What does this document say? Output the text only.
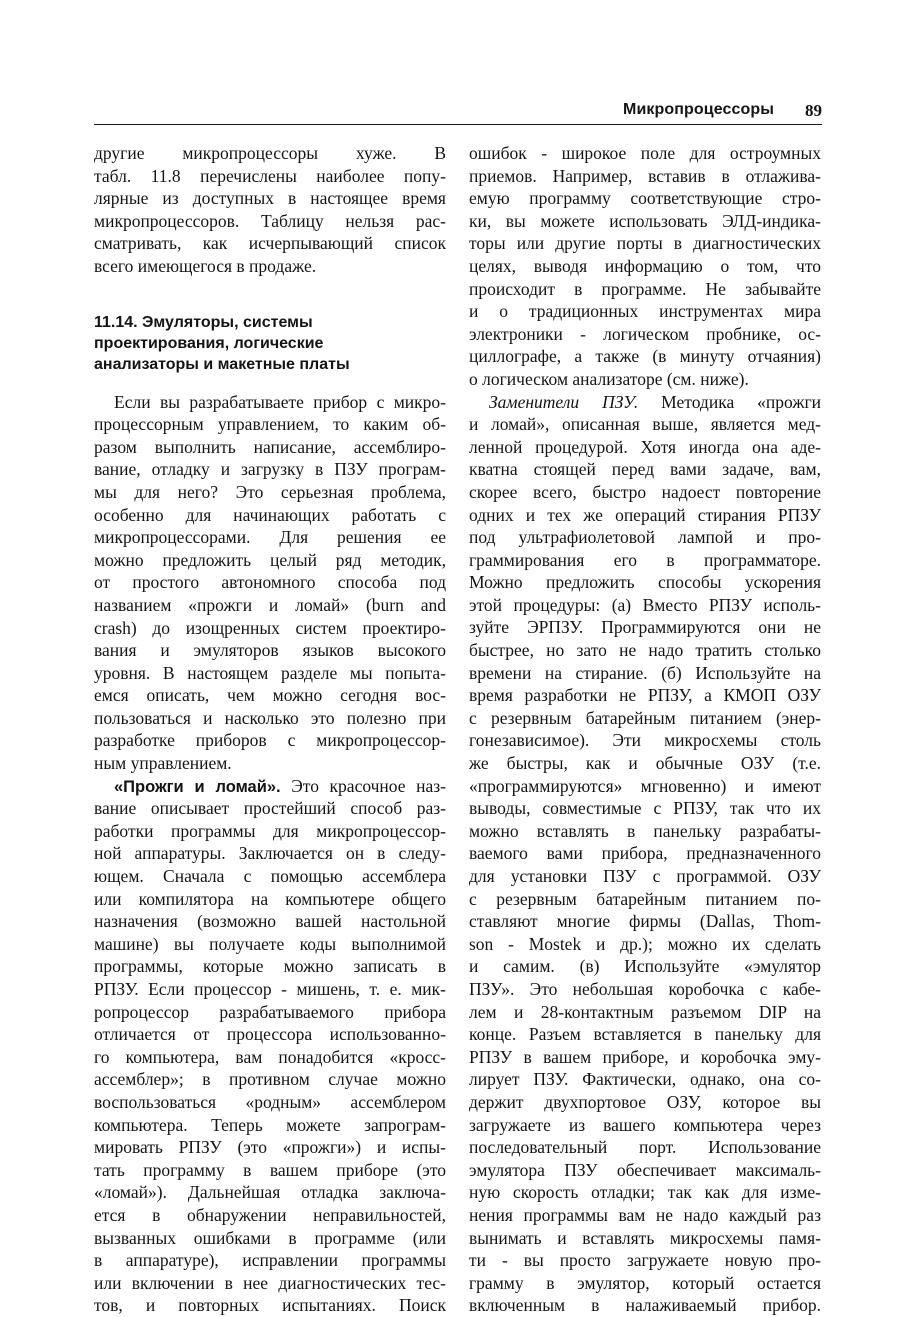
Микропроцессоры 89
другие микропроцессоры хуже. В
табл. 11.8 перечислены наиболее попу-
лярные из доступных в настоящее время
микропроцессоров. Таблицу нельзя рас-
сматривать, как исчерпывающий список
всего имеющегося в продаже.
11.14. Эмуляторы, системы
проектирования, логические
анализаторы и макетные платы
Если вы разрабатываете прибор с микро-
процессорным управлением, то каким об-
разом выполнить написание, ассемблиро-
вание, отладку и загрузку в ПЗУ програм-
мы для него? Это серьезная проблема,
особенно для начинающих работать с
микропроцессорами. Для решения ее
можно предложить целый ряд методик,
от простого автономного способа под
названием «прожги и ломай» (burn and
crash) до изощренных систем проектиро-
вания и эмуляторов языков высокого
уровня. В настоящем разделе мы попыта-
емся описать, чем можно сегодня вос-
пользоваться и насколько это полезно при
разработке приборов с микропроцессор-
ным управлением.
«Прожги и ломай». Это красочное наз-
вание описывает простейший способ раз-
работки программы для микропроцессор-
ной аппаратуры. Заключается он в следу-
ющем. Сначала с помощью ассемблера
или компилятора на компьютере общего
назначения (возможно вашей настольной
машине) вы получаете коды выполнимой
программы, которые можно записать в
РПЗУ. Если процессор - мишень, т. е. мик-
ропроцессор разрабатываемого прибора
отличается от процессора использованно-
го компьютера, вам понадобится «кросс-
ассемблер»; в противном случае можно
воспользоваться «родным» ассемблером
компьютера. Теперь можете запрограм-
мировать РПЗУ (это «прожги») и испы-
тать программу в вашем приборе (это
«ломай»). Дальнейшая отладка заключа-
ется в обнаружении неправильностей,
вызванных ошибками в программе (или
в аппаратуре), исправлении программы
или включении в нее диагностических тес-
тов, и повторных испытаниях. Поиск
ошибок - широкое поле для остроумных
приемов. Например, вставив в отлажива-
емую программу соответствующие стро-
ки, вы можете использовать ЭЛД-индика-
торы или другие порты в диагностических
целях, выводя информацию о том, что
происходит в программе. Не забывайте
и о традиционных инструментах мира
электроники - логическом пробнике, ос-
циллографе, а также (в минуту отчаяния)
о логическом анализаторе (см. ниже).
Заменители ПЗУ. Методика «прожги
и ломай», описанная выше, является мед-
ленной процедурой. Хотя иногда она аде-
кватна стоящей перед вами задаче, вам,
скорее всего, быстро надоест повторение
одних и тех же операций стирания РПЗУ
под ультрафиолетовой лампой и про-
граммирования его в программаторе.
Можно предложить способы ускорения
этой процедуры: (а) Вместо РПЗУ исполь-
зуйте ЭРПЗУ. Программируются они не
быстрее, но зато не надо тратить столько
времени на стирание. (б) Используйте на
время разработки не РПЗУ, а КМОП ОЗУ
с резервным батарейным питанием (энер-
гонезависимое). Эти микросхемы столь
же быстры, как и обычные ОЗУ (т.е.
«программируются» мгновенно) и имеют
выводы, совместимые с РПЗУ, так что их
можно вставлять в панельку разрабаты-
ваемого вами прибора, предназначенного
для установки ПЗУ с программой. ОЗУ
с резервным батарейным питанием по-
ставляют многие фирмы (Dallas, Thom-
son - Mostek и др.); можно их сделать
и самим. (в) Используйте «эмулятор
ПЗУ». Это небольшая коробочка с кабе-
лем и 28-контактным разъемом DIP на
конце. Разъем вставляется в панельку для
РПЗУ в вашем приборе, и коробочка эму-
лирует ПЗУ. Фактически, однако, она со-
держит двухпортовое ОЗУ, которое вы
загружаете из вашего компьютера через
последовательный порт. Использование
эмулятора ПЗУ обеспечивает максималь-
ную скорость отладки; так как для изме-
нения программы вам не надо каждый раз
вынимать и вставлять микросхемы памя-
ти - вы просто загружаете новую про-
грамму в эмулятор, который остается
включенным в налаживаемый прибор.
